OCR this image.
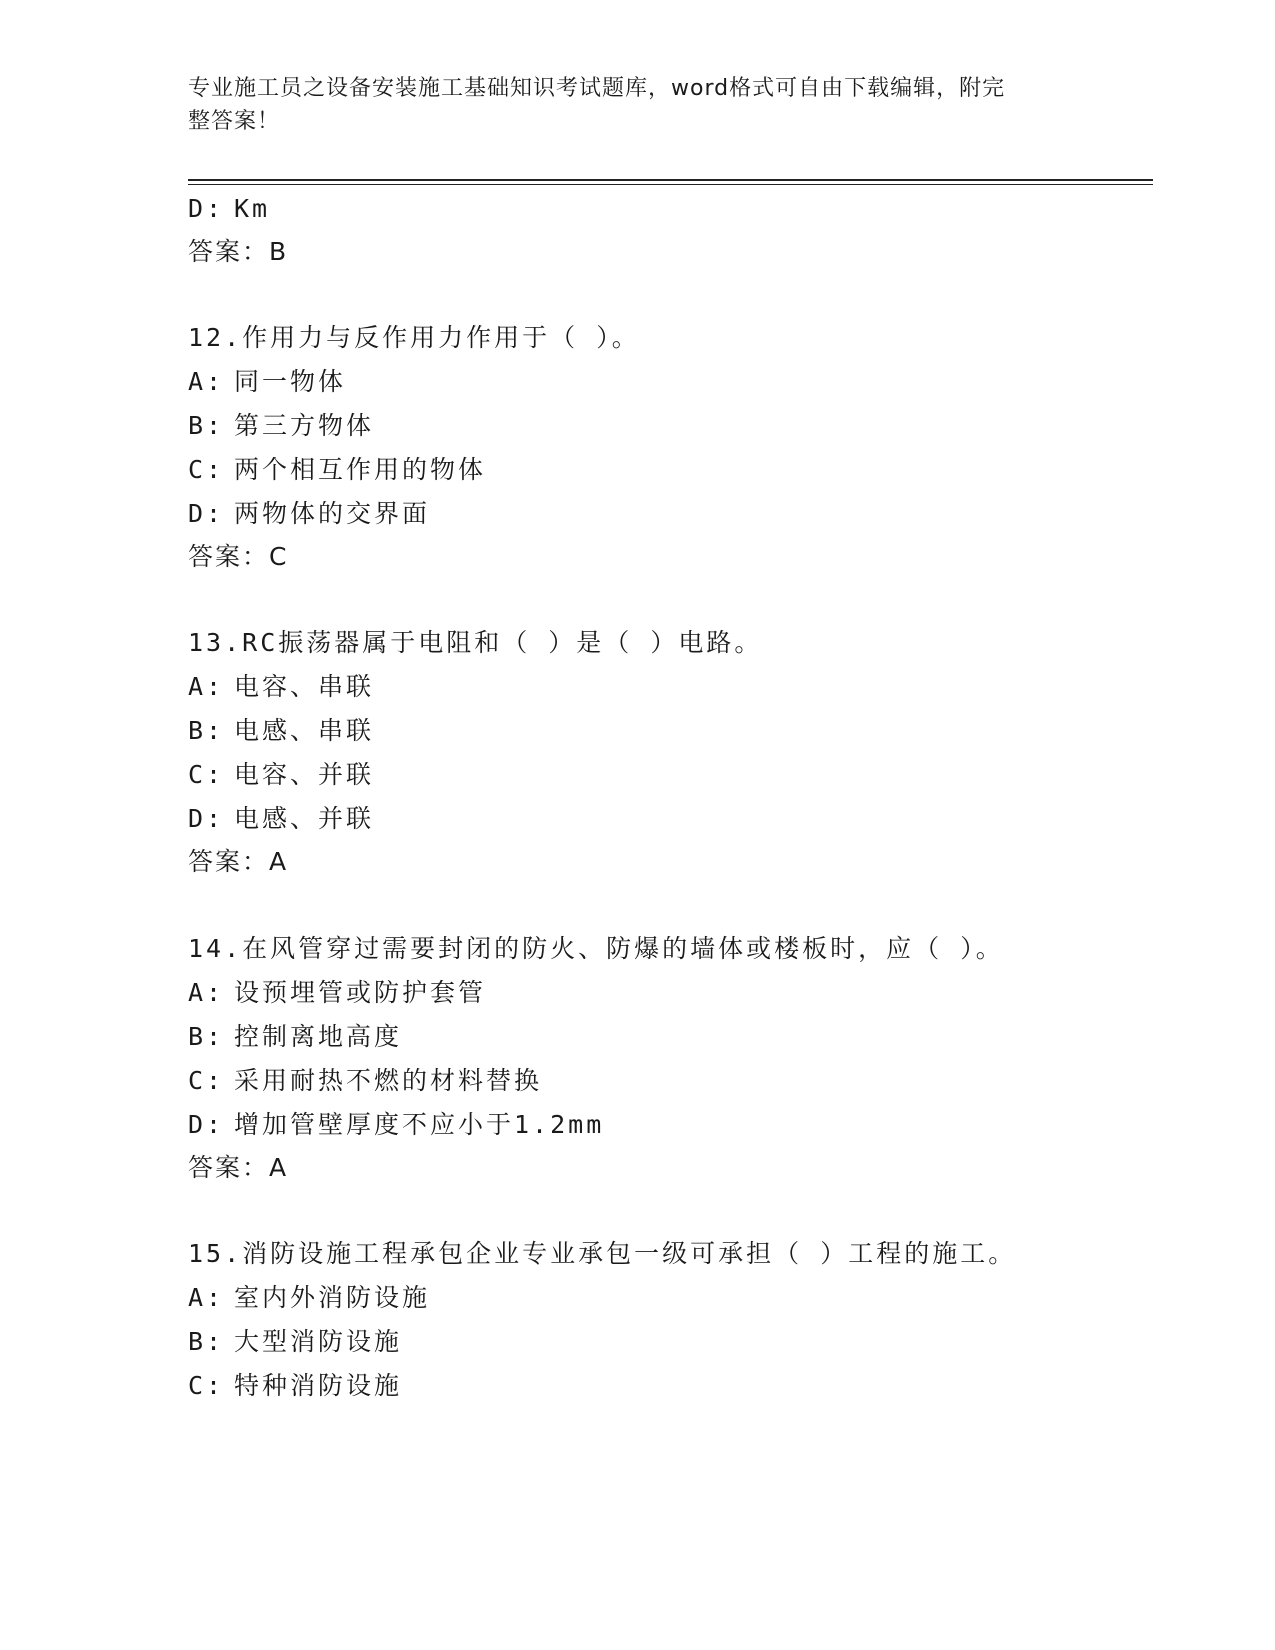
专业施工员之设备安装施工基础知识考试题库，word格式可自由下载编辑，附完
整答案！
D: Km
答案：B
12.作用力与反作用力作用于（ ）。
A: 同一物体
B: 第三方物体
C: 两个相互作用的物体
D: 两物体的交界面
答案：C
13.RC振荡器属于电阻和（ ）是（ ）电路。
A: 电容、串联
B: 电感、串联
C: 电容、并联
D: 电感、并联
答案：A
14.在风管穿过需要封闭的防火、防爆的墙体或楼板时，应（ ）。
A: 设预埋管或防护套管
B: 控制离地高度
C: 采用耐热不燃的材料替换
D: 增加管壁厚度不应小于1.2mm
答案：A
15.消防设施工程承包企业专业承包一级可承担（ ）工程的施工。
A: 室内外消防设施
B: 大型消防设施
C: 特种消防设施
